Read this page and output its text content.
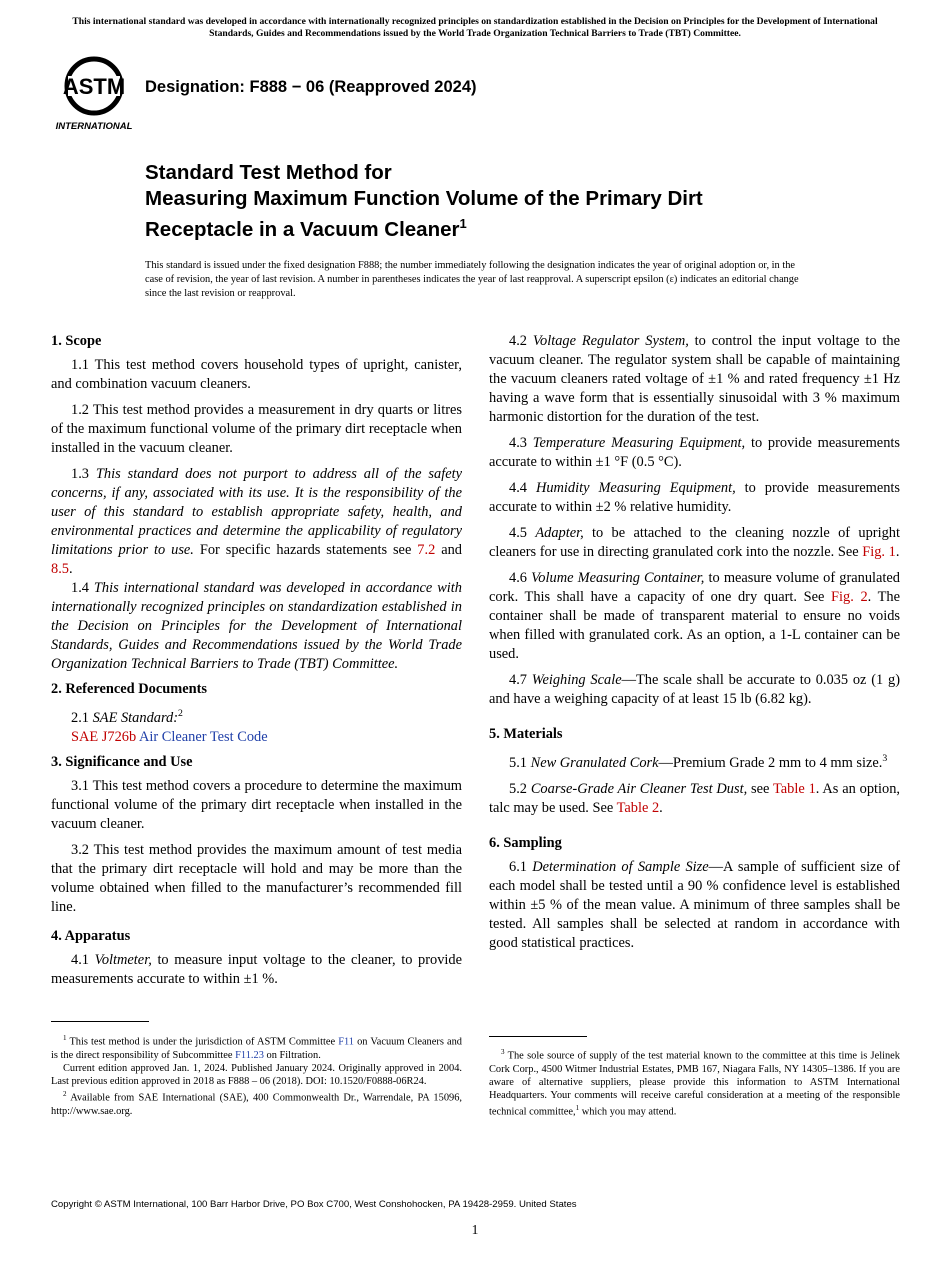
This international standard was developed in accordance with internationally recognized principles on standardization established in the Decision on Principles for the Development of International Standards, Guides and Recommendations issued by the World Trade Organization Technical Barriers to Trade (TBT) Committee.
ASTM
INTERNATIONAL
Designation: F888 − 06 (Reapproved 2024)
Standard Test Method for
Measuring Maximum Function Volume of the Primary Dirt
Receptacle in a Vacuum Cleaner$^1$
This standard is issued under the fixed designation F888; the number immediately following the designation indicates the year of original adoption or, in the case of revision, the year of last revision. A number in parentheses indicates the year of last reapproval. A superscript epsilon (ε) indicates an editorial change since the last revision or reapproval.
1. Scope

1.1 This test method covers household types of upright, canister, and combination vacuum cleaners.

1.2 This test method provides a measurement in dry quarts or litres of the maximum functional volume of the primary dirt receptacle when installed in the vacuum cleaner.

1.3 This standard does not purport to address all of the safety concerns, if any, associated with its use. It is the responsibility of the user of this standard to establish appropriate safety, health, and environmental practices and determine the applicability of regulatory limitations prior to use. For specific hazards statements see 7.2 and 8.5.

1.4 This international standard was developed in accordance with internationally recognized principles on standardization established in the Decision on Principles for the Development of International Standards, Guides and Recommendations issued by the World Trade Organization Technical Barriers to Trade (TBT) Committee.

2. Referenced Documents

2.1 SAE Standard:$^2$

SAE J726b Air Cleaner Test Code

3. Significance and Use

3.1 This test method covers a procedure to determine the maximum functional volume of the primary dirt receptacle when installed in the vacuum cleaner.

3.2 This test method provides the maximum amount of test media that the primary dirt receptacle will hold and may be more than the volume obtained when filled to the manufacturer’s recommended fill line.

4. Apparatus

4.1 Voltmeter, to measure input voltage to the cleaner, to provide measurements accurate to within ±1 %.

$^1$ This test method is under the jurisdiction of ASTM Committee F11 on Vacuum Cleaners and is the direct responsibility of Subcommittee F11.23 on Filtration.

Current edition approved Jan. 1, 2024. Published January 2024. Originally approved in 2004. Last previous edition approved in 2018 as F888 – 06 (2018). DOI: 10.1520/F0888-06R24.

$^2$ Available from SAE International (SAE), 400 Commonwealth Dr., Warrendale, PA 15096, http://www.sae.org.

4.2 Voltage Regulator System, to control the input voltage to the vacuum cleaner. The regulator system shall be capable of maintaining the vacuum cleaners rated voltage of ±1 % and rated frequency ±1 Hz having a wave form that is essentially sinusoidal with 3 % maximum harmonic distortion for the duration of the test.

4.3 Temperature Measuring Equipment, to provide measurements accurate to within ±1 °F (0.5 °C).

4.4 Humidity Measuring Equipment, to provide measurements accurate to within ±2 % relative humidity.

4.5 Adapter, to be attached to the cleaning nozzle of upright cleaners for use in directing granulated cork into the nozzle. See Fig. 1.

4.6 Volume Measuring Container, to measure volume of granulated cork. This shall have a capacity of one dry quart. See Fig. 2. The container shall be made of transparent material to ensure no voids when filled with granulated cork. As an option, a 1-L container can be used.

4.7 Weighing Scale—The scale shall be accurate to 0.035 oz (1 g) and have a weighing capacity of at least 15 lb (6.82 kg).

5. Materials

5.1 New Granulated Cork—Premium Grade 2 mm to 4 mm size.$^3$

5.2 Coarse-Grade Air Cleaner Test Dust, see Table 1. As an option, talc may be used. See Table 2.

6. Sampling

6.1 Determination of Sample Size—A sample of sufficient size of each model shall be tested until a 90 % confidence level is established within ±5 % of the mean value. A minimum of three samples shall be tested. All samples shall be selected at random in accordance with good statistical practices.

$^3$ The sole source of supply of the test material known to the committee at this time is Jelinek Cork Corp., 4500 Witmer Industrial Estates, PMB 167, Niagara Falls, NY 14305–1386. If you are aware of alternative suppliers, please provide this information to ASTM International Headquarters. Your comments will receive careful consideration at a meeting of the responsible technical committee,$^1$ which you may attend.

Copyright © ASTM International, 100 Barr Harbor Drive, PO Box C700, West Conshohocken, PA 19428-2959. United States
1
